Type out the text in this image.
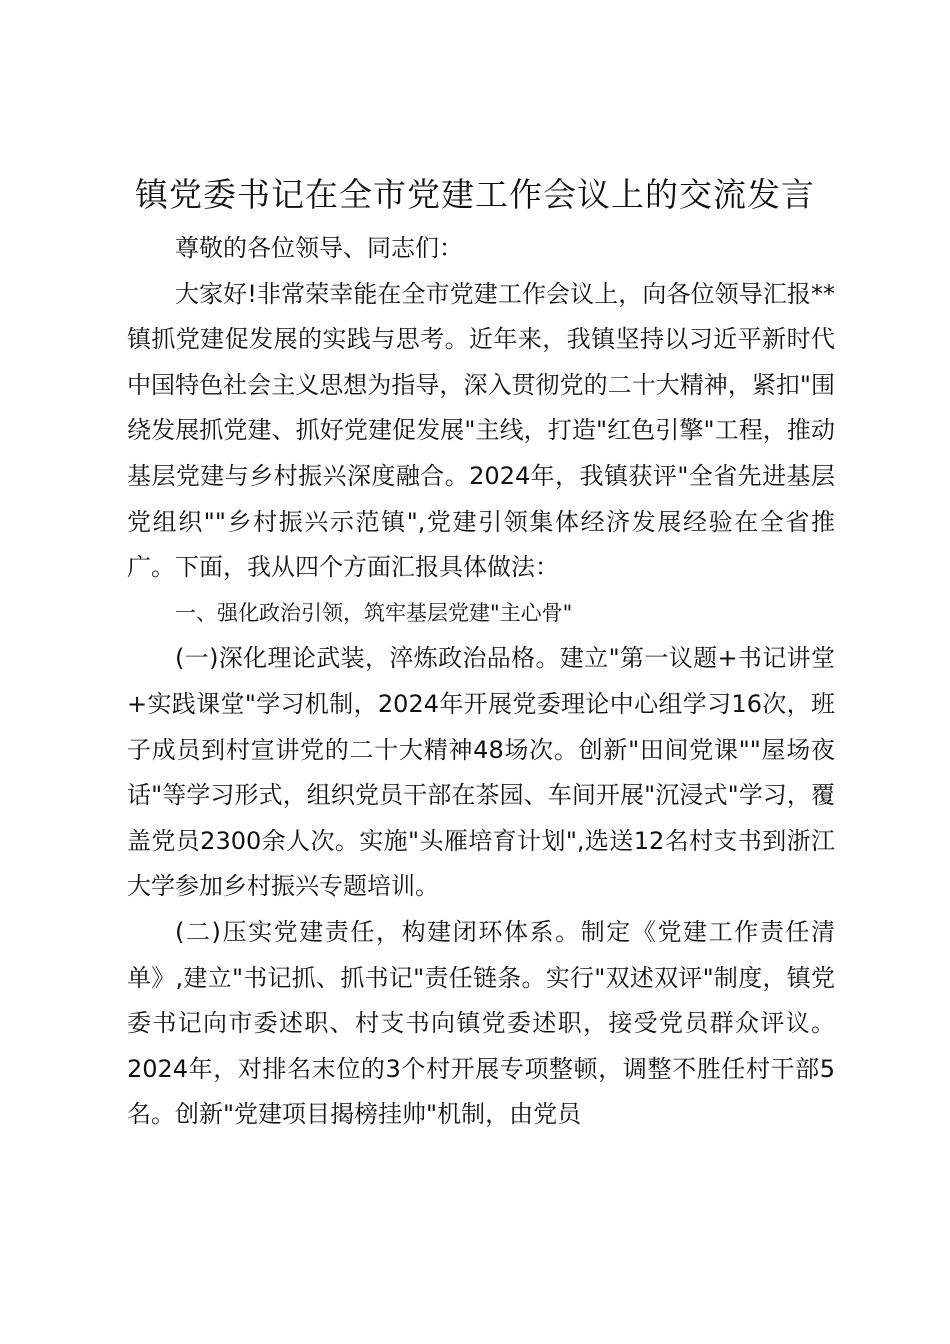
镇党委书记在全市党建工作会议上的交流发言

尊敬的各位领导、同志们：

大家好!非常荣幸能在全市党建工作会议上，向各位领导汇报**镇抓党建促发展的实践与思考。近年来，我镇坚持以习近平新时代中国特色社会主义思想为指导，深入贯彻党的二十大精神，紧扣"围绕发展抓党建、抓好党建促发展"主线，打造"红色引擎"工程，推动基层党建与乡村振兴深度融合。2024年，我镇获评"全省先进基层党组织""乡村振兴示范镇",党建引领集体经济发展经验在全省推广。下面，我从四个方面汇报具体做法：

一、强化政治引领，筑牢基层党建"主心骨"

(一)深化理论武装，淬炼政治品格。建立"第一议题+书记讲堂+实践课堂"学习机制，2024年开展党委理论中心组学习16次，班子成员到村宣讲党的二十大精神48场次。创新"田间党课""屋场夜话"等学习形式，组织党员干部在茶园、车间开展"沉浸式"学习，覆盖党员2300余人次。实施"头雁培育计划",选送12名村支书到浙江大学参加乡村振兴专题培训。

(二)压实党建责任，构建闭环体系。制定《党建工作责任清单》,建立"书记抓、抓书记"责任链条。实行"双述双评"制度，镇党委书记向市委述职、村支书向镇党委述职，接受党员群众评议。2024年，对排名末位的3个村开展专项整顿，调整不胜任村干部5名。创新"党建项目揭榜挂帅"机制，由党员
